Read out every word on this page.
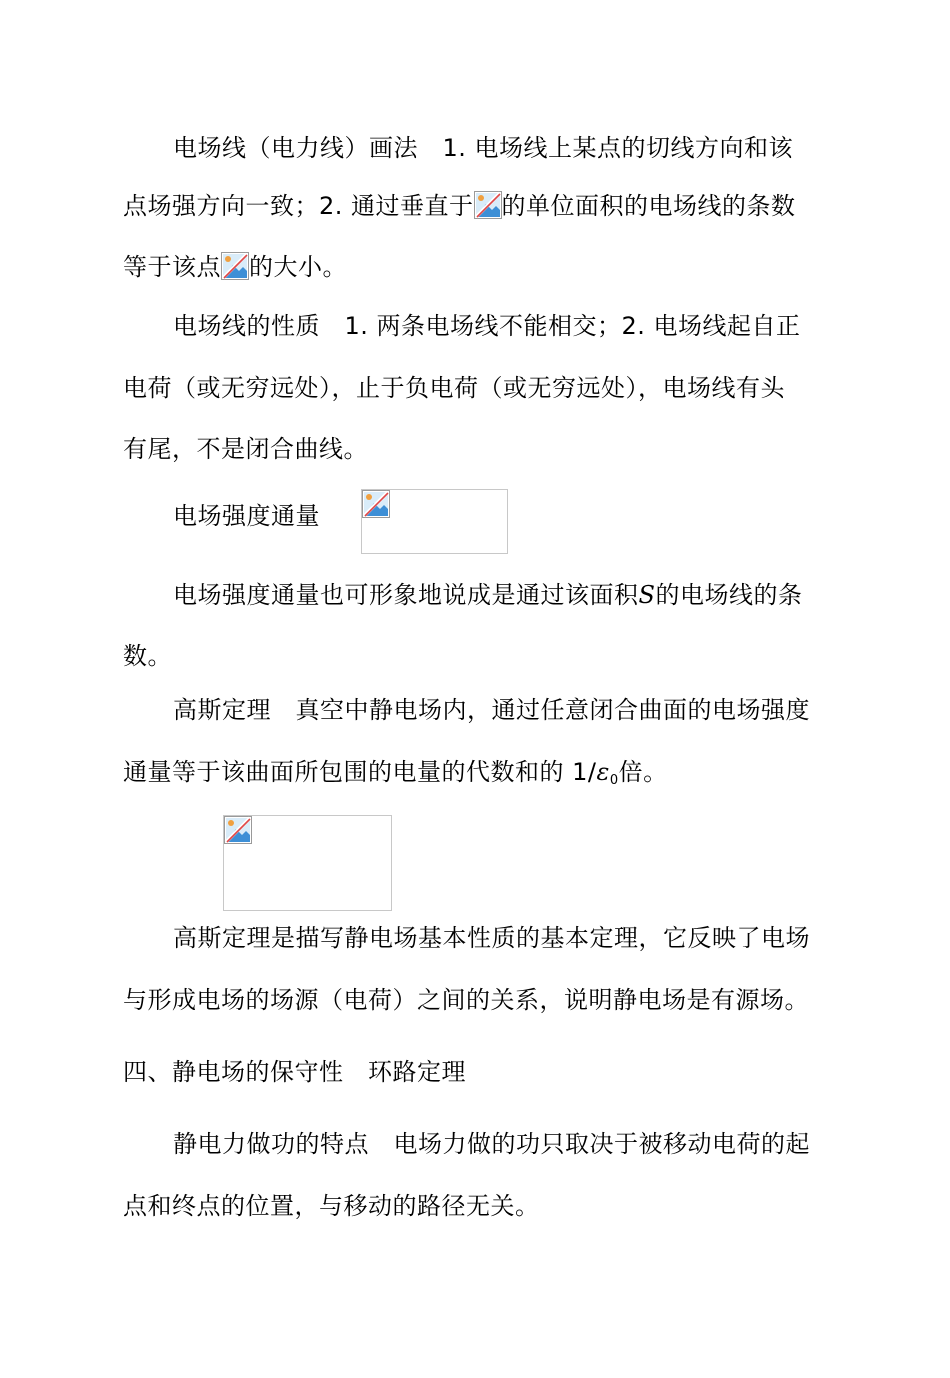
电场线（电力线）画法　1. 电场线上某点的切线方向和该
点场强方向一致；2. 通过垂直于 的单位面积的电场线的条数
等于该点 的大小。
电场线的性质　1. 两条电场线不能相交；2. 电场线起自正
电荷（或无穷远处），止于负电荷（或无穷远处），电场线有头
有尾，不是闭合曲线。
电场强度通量
电场强度通量也可形象地说成是通过该面积S的电场线的条
数。
高斯定理　真空中静电场内，通过任意闭合曲面的电场强度
通量等于该曲面所包围的电量的代数和的 1/ɛ$_0$倍。
高斯定理是描写静电场基本性质的基本定理，它反映了电场
与形成电场的场源（电荷）之间的关系，说明静电场是有源场。
四、静电场的保守性　环路定理
静电力做功的特点　电场力做的功只取决于被移动电荷的起
点和终点的位置，与移动的路径无关。
